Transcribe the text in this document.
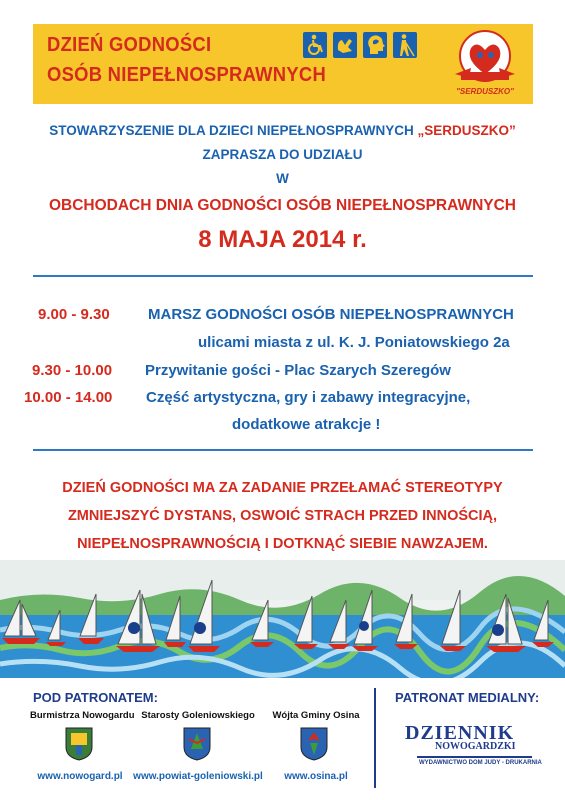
DZIEŃ GODNOŚCI
OSÓB NIEPEŁNOSPRAWNYCH
"SERDUSZKO"
STOWARZYSZENIE DLA DZIECI NIEPEŁNOSPRAWNYCH „SERDUSZKO”
ZAPRASZA DO UDZIAŁU
W
OBCHODACH DNIA GODNOŚCI OSÓB NIEPEŁNOSPRAWNYCH
8 MAJA 2014 r.
9.00 - 9.30	MARSZ GODNOŚCI OSÓB NIEPEŁNOSPRAWNYCH
ulicami miasta z ul. K. J. Poniatowskiego 2a
9.30 - 10.00 Przywitanie gości - Plac Szarych Szeregów
10.00 - 14.00 Część artystyczna, gry i zabawy integracyjne,
dodatkowe atrakcje !
DZIEŃ GODNOŚCI MA ZA ZADANIE PRZEŁAMAĆ STEREOTYPY
ZMNIEJSZYĆ DYSTANS, OSWOIĆ STRACH PRZED INNOŚCIĄ,
NIEPEŁNOSPRAWNOŚCIĄ I DOTKNĄĆ SIEBIE NAWZAJEM.
POD PATRONATEM:
Burmistrza Nowogardu Starosty Goleniowskiego	Wójta Gminy Osina
www.nowogard.pl	www.powiat-goleniowski.pl	www.osina.pl
PATRONAT MEDIALNY:
DZIENNIK
NOWOGARDZKI
WYDAWNICTWO DOM JUDY - DRUKARNIA
